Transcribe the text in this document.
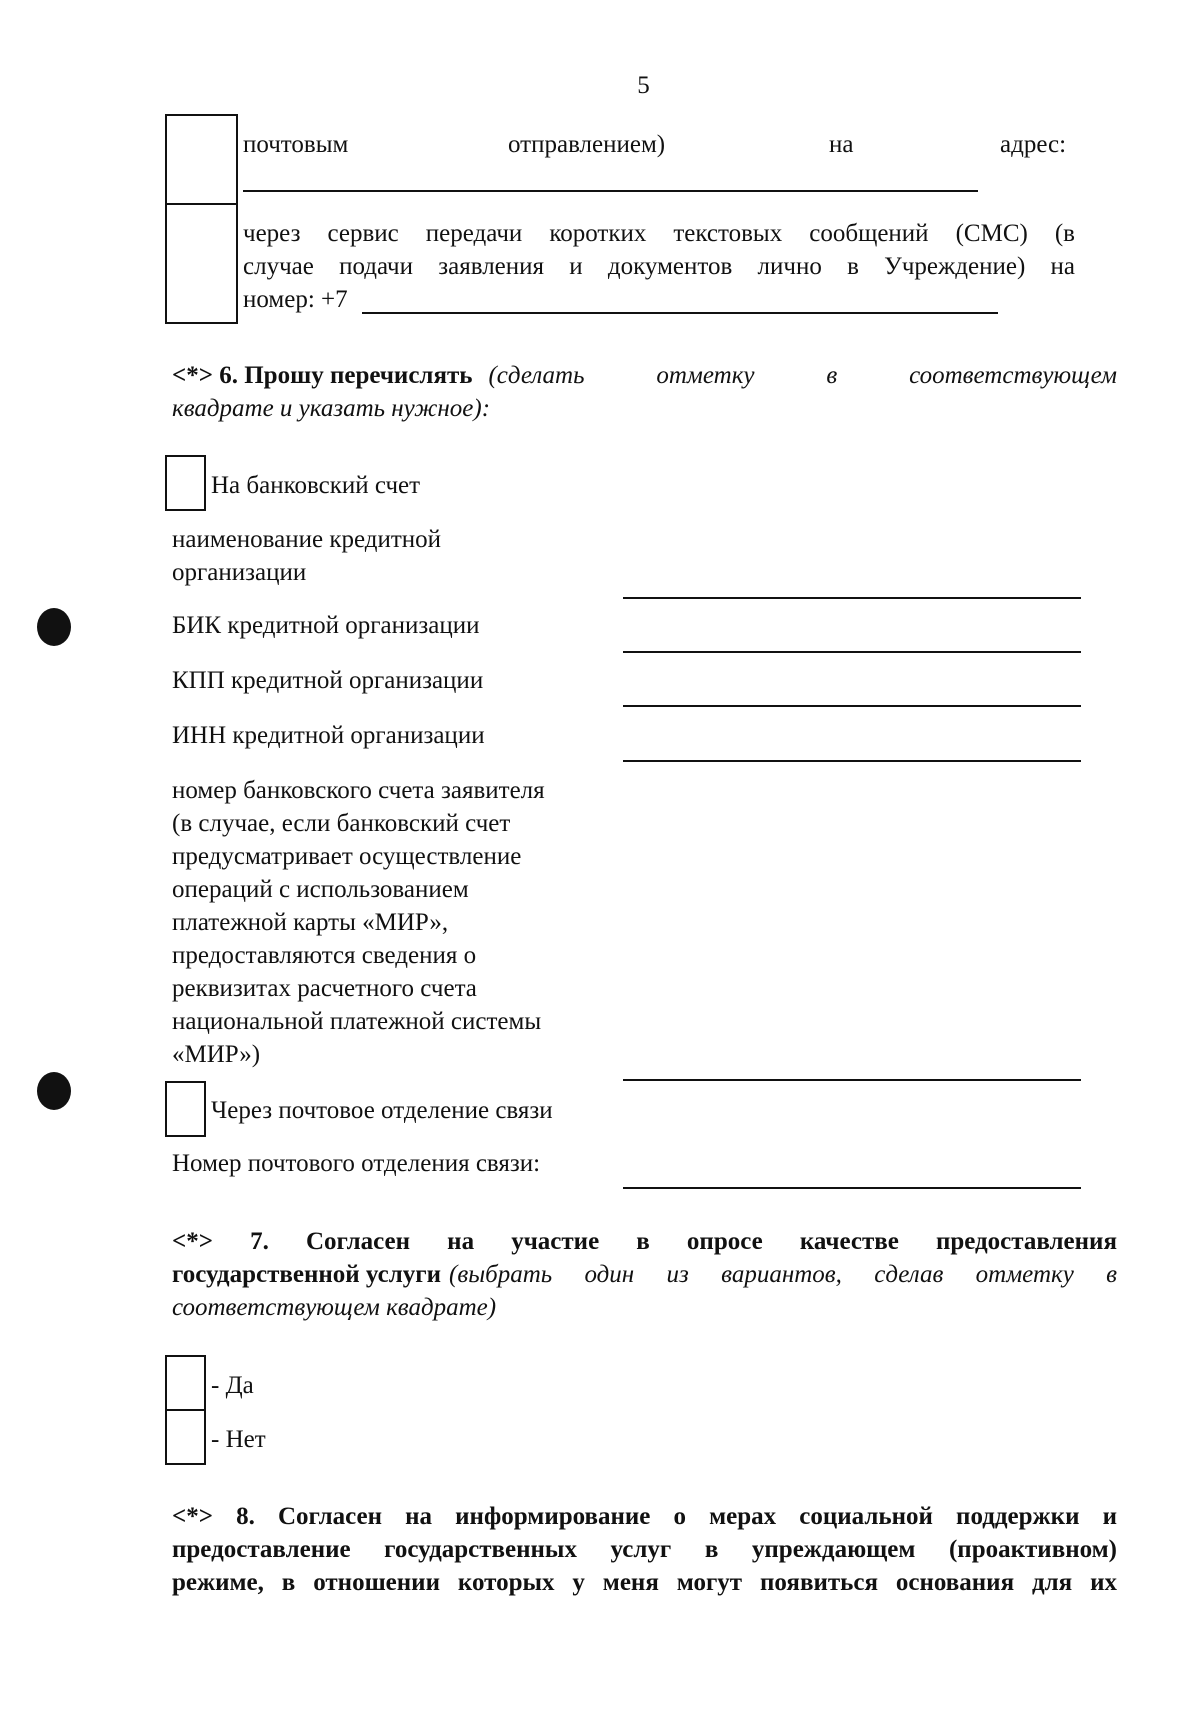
5
почтовым	отправлением)	на	адрес:
через сервис передачи коротких текстовых сообщений (СМС) (в
случае подачи заявления и документов лично в Учреждение) на
номер: +7
<*> 6. Прошу перечислять (сделать отметку в соответствующем
квадрате и указать нужное):
На банковский счет
наименование кредитной
организации
БИК кредитной организации
КПП кредитной организации
ИНН кредитной организации
номер банковского счета заявителя
(в случае, если банковский счет
предусматривает осуществление
операций с использованием
платежной карты «МИР»,
предоставляются сведения о
реквизитах расчетного счета
национальной платежной системы
«МИР»)
Через почтовое отделение связи
Номер почтового отделения связи:
<*> 7. Согласен на участие в опросе качестве предоставления
государственной услуги (выбрать один из вариантов, сделав отметку в
соответствующем квадрате)
- Да
- Нет
<*> 8. Согласен на информирование о мерах социальной поддержки и
предоставление государственных услуг в упреждающем (проактивном)
режиме, в отношении которых у меня могут появиться основания для их
